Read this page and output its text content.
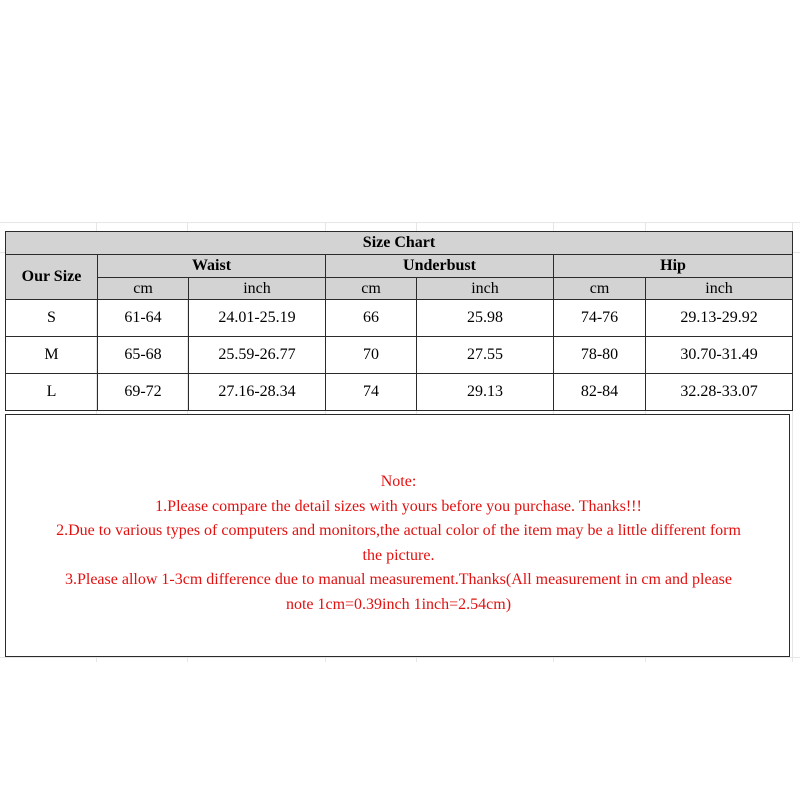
Size Chart						
Our Size	Waist		Underbust		Hip	
	cm	inch	cm	inch	cm	inch
S	61-64	24.01-25.19	66	25.98	74-76	29.13-29.92
M	65-68	25.59-26.77	70	27.55	78-80	30.70-31.49
L	69-72	27.16-28.34	74	29.13	82-84	32.28-33.07
Note:
1.Please compare the detail sizes with yours before you purchase. Thanks!!!
2.Due to various types of computers and monitors,the actual color of the item may be a little different form
the picture.
3.Please allow 1-3cm difference due to manual measurement.Thanks(All measurement in cm and please
note 1cm=0.39inch 1inch=2.54cm)
